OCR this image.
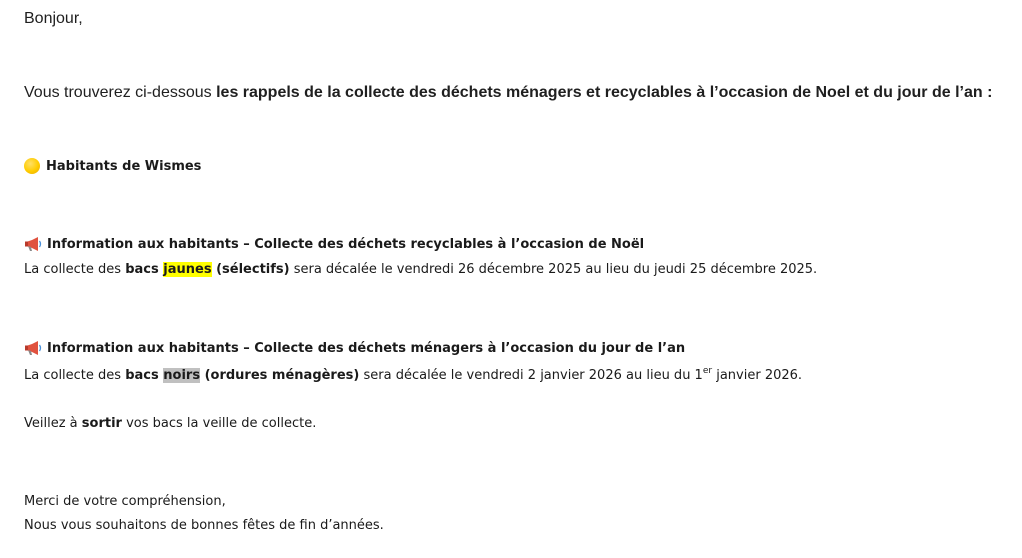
Bonjour,
Vous trouverez ci-dessous les rappels de la collecte des déchets ménagers et recyclables à l’occasion de Noel et du jour de l’an :
Habitants de Wismes
Information aux habitants – Collecte des déchets recyclables à l’occasion de Noël
La collecte des bacs jaunes (sélectifs) sera décalée le vendredi 26 décembre 2025 au lieu du jeudi 25 décembre 2025.
Information aux habitants – Collecte des déchets ménagers à l’occasion du jour de l’an
La collecte des bacs noirs (ordures ménagères) sera décalée le vendredi 2 janvier 2026 au lieu du 1er janvier 2026.
Veillez à sortir vos bacs la veille de collecte.
Merci de votre compréhension,
Nous vous souhaitons de bonnes fêtes de fin d’années.
